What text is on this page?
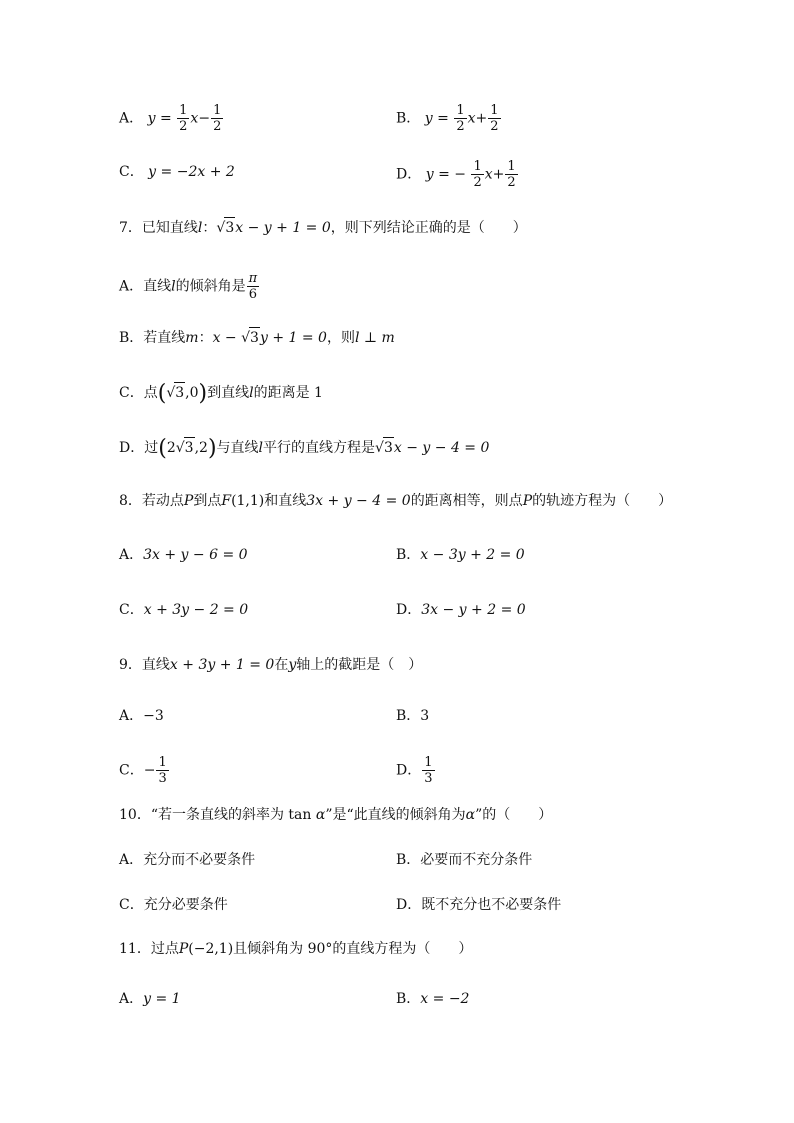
A． $y = \frac{1}{2} x- \frac{1}{2}$	B． $y = \frac{1}{2} x+ \frac{1}{2}$
C． y = −2x + 2	D． y = − $\frac{1}{2} x+ \frac{1}{2}$
7．已知直线l：√3x − y + 1 = 0，则下列结论正确的是（　　）
A．直线l的倾斜角是 $\frac{\pi}{6}$
B．若直线m：x − √3y + 1 = 0，则l ⊥ m
C．点(√3,0)到直线l的距离是 1
D．过(2√3,2)与直线l平行的直线方程是√3x − y − 4 = 0
8．若动点P到点F(1,1)和直线3x + y − 4 = 0的距离相等，则点P的轨迹方程为（　　）
A．3x + y − 6 = 0	B．x − 3y + 2 = 0
C．x + 3y − 2 = 0	D．3x − y + 2 = 0
9．直线x + 3y + 1 = 0在y轴上的截距是（　）
A．−3	B．3
C．− $\frac{1}{3}$	D． $\frac{1}{3}$
10．“若一条直线的斜率为 tan α”是“此直线的倾斜角为α”的（　　）
A．充分而不必要条件	B．必要而不充分条件
C．充分必要条件	D．既不充分也不必要条件
11．过点P(−2,1)且倾斜角为 90°的直线方程为（　　）
A．y = 1	B．x = −2
